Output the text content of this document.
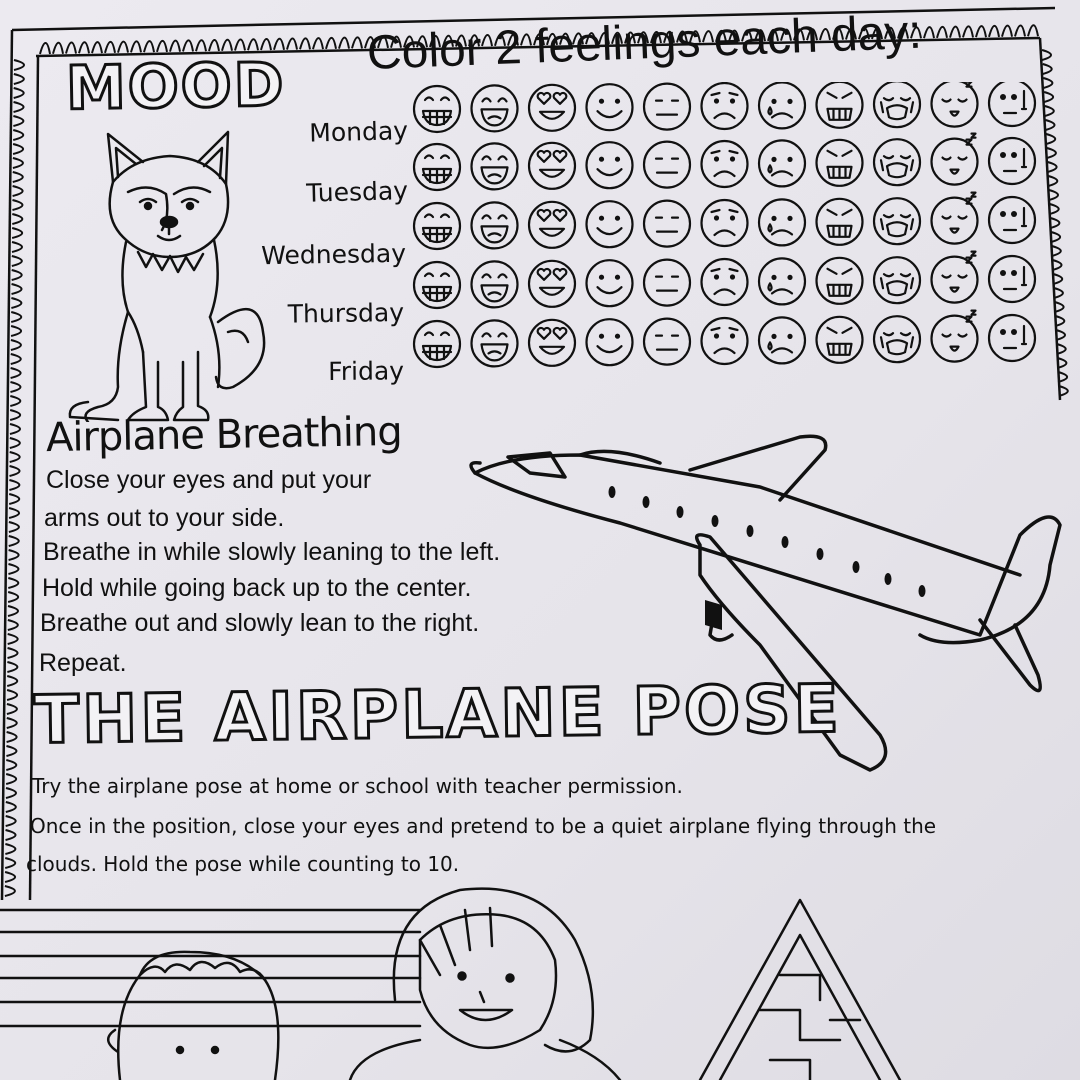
MOOD
Color 2 feelings each day:
Monday
Tuesday
Wednesday
Thursday
Friday
Airplane Breathing
Close your eyes and put your
arms out to your side.
Breathe in while slowly leaning to the left.
Hold while going back up to the center.
Breathe out and slowly lean to the right.
Repeat.
THE AIRPLANE POSE
Try the airplane pose at home or school with teacher permission.
Once in the position, close your eyes and pretend to be a quiet airplane flying through the
clouds. Hold the pose while counting to 10.
